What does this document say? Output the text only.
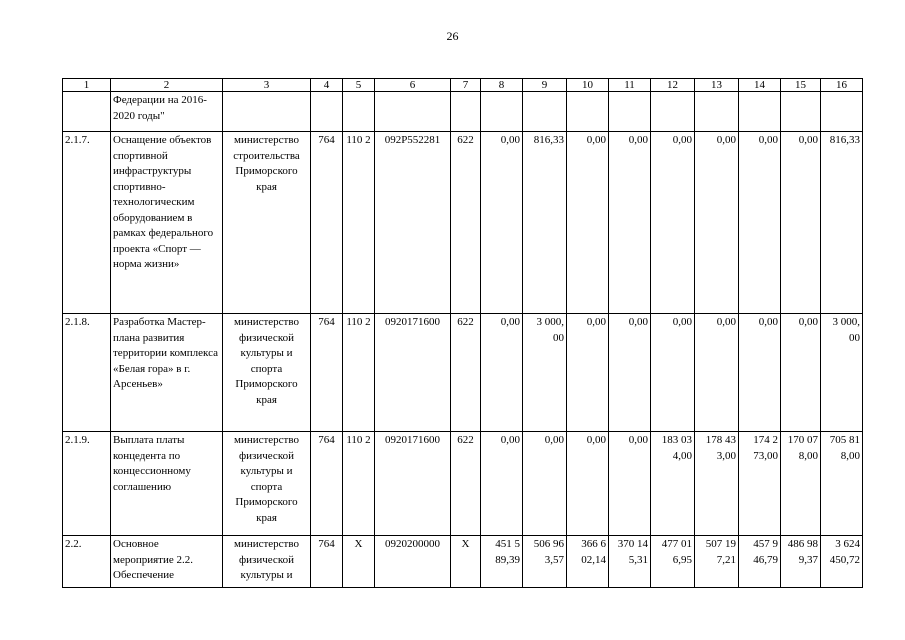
26
1	2	3	4	5	6	7	8	9	10	11	12	13	14	15	16
	Федерации на 2016-2020 годы"														
2.1.7.	Оснащение объектов спортивной инфраструктуры спортивно-технологическим оборудованием в рамках федерального проекта «Спорт — норма жизни»	министерство строительства Приморского края	764	110 2	092P552281	622	0,00	816,33	0,00	0,00	0,00	0,00	0,00	0,00	816,33
2.1.8.	Разработка Мастер-плана развития территории комплекса «Белая гора» в г. Арсеньев»	министерство физической культуры и спорта Приморского края	764	110 2	0920171600	622	0,00	3 000, 00	0,00	0,00	0,00	0,00	0,00	0,00	3 000, 00
2.1.9.	Выплата платы концедента по концессионному соглашению	министерство физической культуры и спорта Приморского края	764	110 2	0920171600	622	0,00	0,00	0,00	0,00	183 03 4,00	178 43 3,00	174 2 73,00	170 07 8,00	705 81 8,00
2.2.	Основное мероприятие 2.2. Обеспечение	министерство физической культуры и	764	X	0920200000	X	451 5 89,39	506 96 3,57	366 6 02,14	370 14 5,31	477 01 6,95	507 19 7,21	457 9 46,79	486 98 9,37	3 624 450,72
